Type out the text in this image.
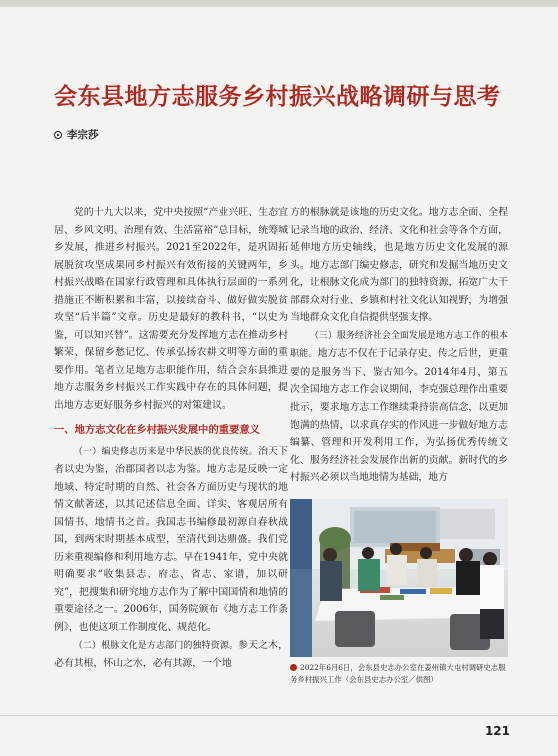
会东县地方志服务乡村振兴战略调研与思考
李宗莎

党的十九大以来，党中央按照“产业兴旺、生态宜居、乡风文明、治理有效、生活富裕”总目标，统筹城乡发展，推进乡村振兴。2021至2022年，是巩固拓展脱贫攻坚成果同乡村振兴有效衔接的关键两年，乡村振兴战略在国家行政管理和具体执行层面的一系列措施正不断积累和丰富，以接续奋斗、做好做实脱贫攻坚“后半篇”文章。历史是最好的教科书，“以史为鉴，可以知兴替”。这需要充分发挥地方志在推动乡村繁荣、保留乡愁记忆、传承弘扬农耕文明等方面的重要作用。笔者立足地方志职能作用，结合会东县推进地方志服务乡村振兴工作实践中存在的具体问题，提出地方志更好服务乡村振兴的对策建议。

一、地方志文化在乡村振兴发展中的重要意义

（一）编史修志历来是中华民族的优良传统。治天下者以史为鉴，治郡国者以志为鉴。地方志是反映一定地域、特定时期的自然、社会各方面历史与现状的地情文献著述，以其记述信息全面、详实、客观居所有国情书、地情书之首。我国志书编修最初源自春秋战国，到两宋时期基本成型，至清代到达鼎盛。我们党历来重视编修和利用地方志。早在1941年，党中央就明确要求“收集县志、府志、省志、家谱，加以研究”，把搜集和研究地方志作为了解中国国情和地情的重要途径之一。2006年，国务院颁布《地方志工作条例》，也使这项工作制度化、规范化。

（二）根脉文化是方志部门的独特资源。参天之木，必有其根，怀山之水，必有其源，一个地

方的根脉就是该地的历史文化。地方志全面、全程记录当地的政治、经济、文化和社会等各个方面，延伸地方历史轴线，也是地方历史文化发展的源头。地方志部门编史修志，研究和发掘当地历史文化，让根脉文化成为部门的独特资源，拓宽广大干部群众对行业、乡镇和村社文化认知视野，为增强当地群众文化自信提供坚强支撑。

（三）服务经济社会全面发展是地方志工作的根本职能。地方志不仅在于记录存史、传之后世，更重要的是服务当下、鉴古知今。2014年4月，第五次全国地方志工作会议期间，李克强总理作出重要批示，要求地方志工作继续秉持崇高信念，以更加饱满的热情，以求真存实的作风进一步做好地方志编纂、管理和开发利用工作，为弘扬优秀传统文化、服务经济社会发展作出新的贡献。新时代的乡村振兴必须以当地地情为基础，地方

2022年6月6日，会东县史志办公室在姜州镇大屯村调研史志服务乡村振兴工作（会东县史志办公室／供图）
121
